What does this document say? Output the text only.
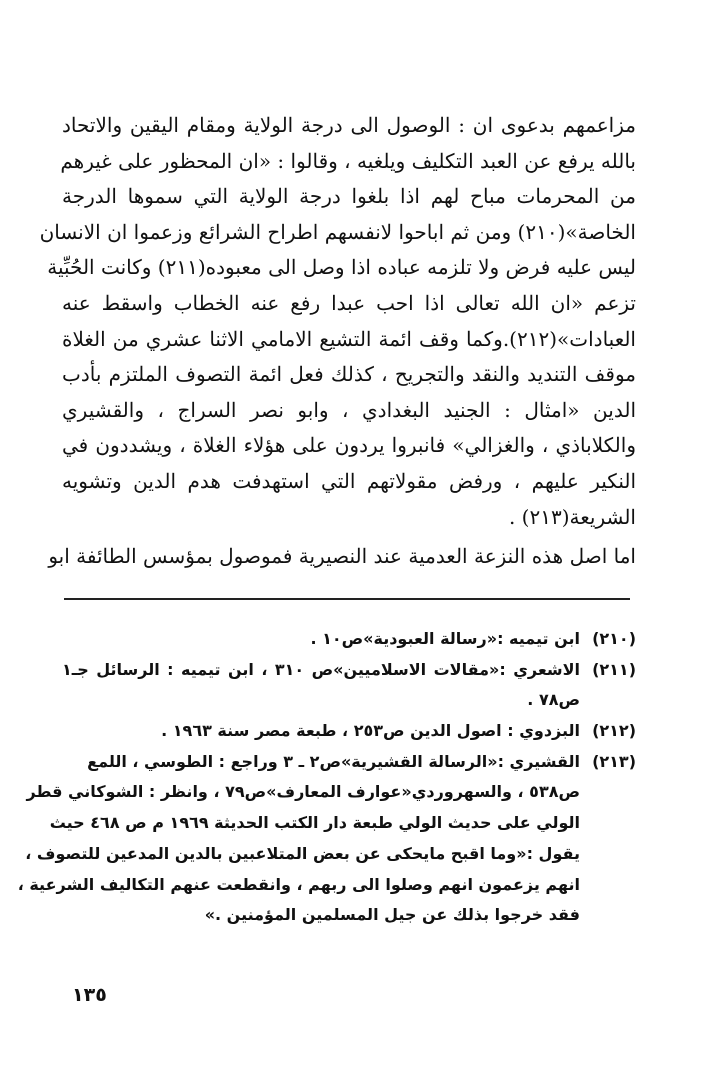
مزاعمهم بدعوى ان : الوصول الى درجة الولاية ومقام اليقين والاتحاد
بالله يرفع عن العبد التكليف ويلغيه ، وقالوا : «ان المحظور على غيرهم
من المحرمات مباح لهم اذا بلغوا درجة الولاية التي سموها الدرجة
الخاصة»(٢١٠) ومن ثم اباحوا لانفسهم اطراح الشرائع وزعموا ان الانسان
ليس عليه فرض ولا تلزمه عباده اذا وصل الى معبوده(٢١١) وكانت الحُبِّية
تزعم «ان الله تعالى اذا احب عبدا رفع عنه الخطاب واسقط عنه
العبادات»(٢١٢).وكما وقف ائمة التشيع الامامي الاثنا عشري من الغلاة
موقف التنديد والنقد والتجريح ، كذلك فعل ائمة التصوف الملتزم بأدب
الدين «امثال : الجنيد البغدادي ، وابو نصر السراج ، والقشيري
والكلاباذي ، والغزالي» فانبروا يردون على هؤلاء الغلاة ، ويشددون في
النكير عليهم ، ورفض مقولاتهم التي استهدفت هدم الدين وتشويه
الشريعة(٢١٣) .
اما اصل هذه النزعة العدمية عند النصيرية فموصول بمؤسس الطائفة ابو
(٢١٠)ابن تيميه :«رسالة العبودية»ص١٠ .
(٢١١)الاشعري :«مقالات الاسلاميين»ص ٣١٠ ، ابن تيميه : الرسائل جـ١
ص٧٨ .
(٢١٢)البزدوي : اصول الدين ص٢٥٣ ، طبعة مصر سنة ١٩٦٣ .
(٢١٣)القشيري :«الرسالة القشيرية»ص٢ ـ ٣ وراجع : الطوسي ، اللمع
ص٥٣٨ ، والسهروردي«عوارف المعارف»ص٧٩ ، وانظر : الشوكاني قطر
الولي على حديث الولي طبعة دار الكتب الحديثة ١٩٦٩ م ص ٤٦٨ حيث
يقول :«وما اقبح مايحكى عن بعض المتلاعبين بالدين المدعين للتصوف ،
انهم يزعمون انهم وصلوا الى ربهم ، وانقطعت عنهم التكاليف الشرعية ،
فقد خرجوا بذلك عن جيل المسلمين المؤمنين .»
١٣٥
